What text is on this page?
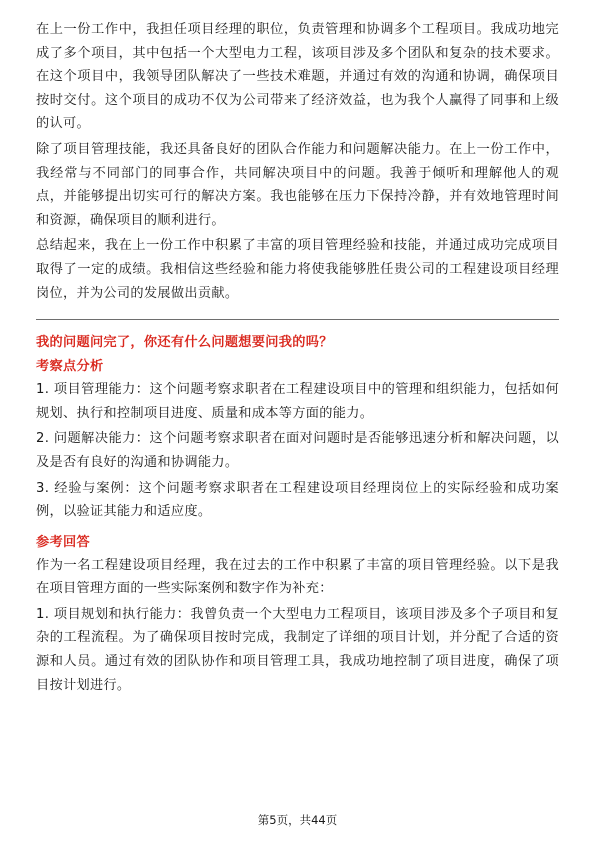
在上一份工作中，我担任项目经理的职位，负责管理和协调多个工程项目。我成功地完成了多个项目，其中包括一个大型电力工程，该项目涉及多个团队和复杂的技术要求。在这个项目中，我领导团队解决了一些技术难题，并通过有效的沟通和协调，确保项目按时交付。这个项目的成功不仅为公司带来了经济效益，也为我个人赢得了同事和上级的认可。

除了项目管理技能，我还具备良好的团队合作能力和问题解决能力。在上一份工作中，我经常与不同部门的同事合作，共同解决项目中的问题。我善于倾听和理解他人的观点，并能够提出切实可行的解决方案。我也能够在压力下保持冷静，并有效地管理时间和资源，确保项目的顺利进行。

总结起来，我在上一份工作中积累了丰富的项目管理经验和技能，并通过成功完成项目取得了一定的成绩。我相信这些经验和能力将使我能够胜任贵公司的工程建设项目经理岗位，并为公司的发展做出贡献。

我的问题问完了，你还有什么问题想要问我的吗？
考察点分析

1. 项目管理能力：这个问题考察求职者在工程建设项目中的管理和组织能力，包括如何规划、执行和控制项目进度、质量和成本等方面的能力。

2. 问题解决能力：这个问题考察求职者在面对问题时是否能够迅速分析和解决问题，以及是否有良好的沟通和协调能力。

3. 经验与案例：这个问题考察求职者在工程建设项目经理岗位上的实际经验和成功案例，以验证其能力和适应度。

参考回答

作为一名工程建设项目经理，我在过去的工作中积累了丰富的项目管理经验。以下是我在项目管理方面的一些实际案例和数字作为补充：

1. 项目规划和执行能力：我曾负责一个大型电力工程项目，该项目涉及多个子项目和复杂的工程流程。为了确保项目按时完成，我制定了详细的项目计划，并分配了合适的资源和人员。通过有效的团队协作和项目管理工具，我成功地控制了项目进度，确保了项目按计划进行。

第5页，共44页
